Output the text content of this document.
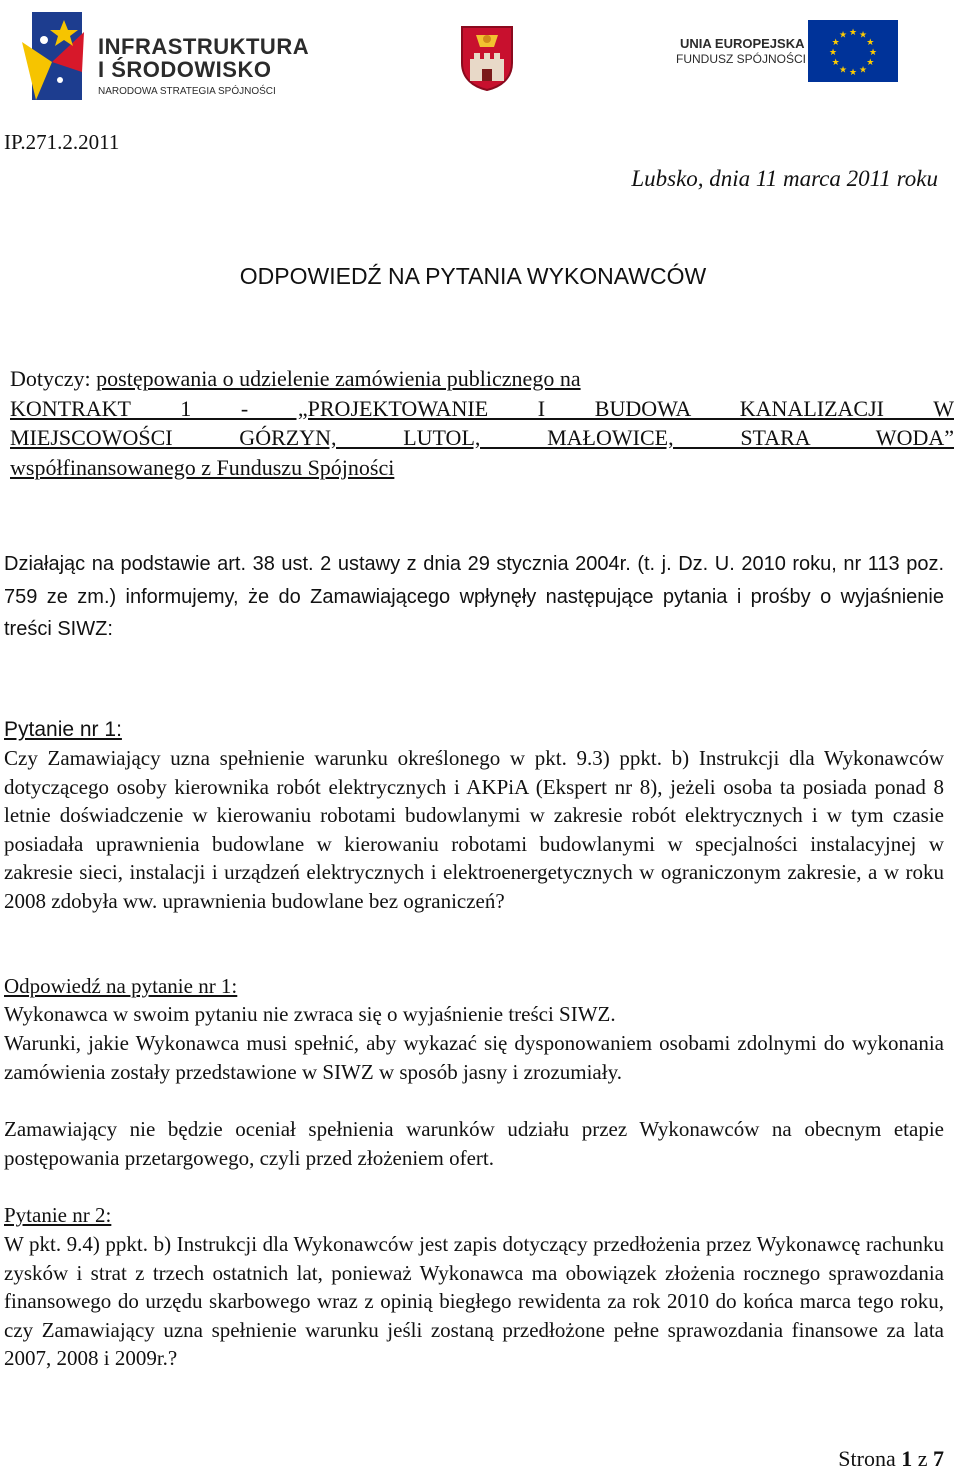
INFRASTRUKTURA
I ŚRODOWISKO
NARODOWA STRATEGIA SPÓJNOŚCI
UNIA EUROPEJSKA
FUNDUSZ SPÓJNOŚCI
★ ★
★
★
★
★
★
★
★
★
★
★
IP.271.2.2011
Lubsko, dnia 11 marca 2011 roku
ODPOWIEDŹ NA PYTANIA WYKONAWCÓW
Dotyczy: postępowania o udzielenie zamówienia publicznego na
KONTRAKT 1 - „PROJEKTOWANIE I BUDOWA KANALIZACJI W
MIEJSCOWOŚCI GÓRZYN, LUTOL, MAŁOWICE, STARA WODA”
współfinansowanego z Funduszu Spójności

Działając na podstawie art. 38 ust. 2 ustawy z dnia 29 stycznia 2004r. (t. j. Dz. U. 2010 roku, nr 113 poz. 759 ze zm.) informujemy, że do Zamawiającego wpłynęły następujące pytania i prośby o wyjaśnienie treści SIWZ:

Pytanie nr 1:

Czy Zamawiający uzna spełnienie warunku określonego w pkt. 9.3) ppkt. b) Instrukcji dla Wykonawców dotyczącego osoby kierownika robót elektrycznych i AKPiA (Ekspert nr 8), jeżeli osoba ta posiada ponad 8 letnie doświadczenie w kierowaniu robotami budowlanymi w zakresie robót elektrycznych i w tym czasie posiadała uprawnienia budowlane w kierowaniu robotami budowlanymi w specjalności instalacyjnej w zakresie sieci, instalacji i urządzeń elektrycznych i elektroenergetycznych w ograniczonym zakresie, a w roku 2008 zdobyła ww. uprawnienia budowlane bez ograniczeń?

Odpowiedź na pytanie nr 1:

Wykonawca w swoim pytaniu nie zwraca się o wyjaśnienie treści SIWZ.

Warunki, jakie Wykonawca musi spełnić, aby wykazać się dysponowaniem osobami zdolnymi do wykonania zamówienia zostały przedstawione w SIWZ w sposób jasny i zrozumiały.

Zamawiający nie będzie oceniał spełnienia warunków udziału przez Wykonawców na obecnym etapie postępowania przetargowego, czyli przed złożeniem ofert.

Pytanie nr 2:

W pkt. 9.4) ppkt. b) Instrukcji dla Wykonawców jest zapis dotyczący przedłożenia przez Wykonawcę rachunku zysków i strat z trzech ostatnich lat, ponieważ Wykonawca ma obowiązek złożenia rocznego sprawozdania finansowego do urzędu skarbowego wraz z opinią biegłego rewidenta za rok 2010 do końca marca tego roku, czy Zamawiający uzna spełnienie warunku jeśli zostaną przedłożone pełne sprawozdania finansowe za lata 2007, 2008 i 2009r.?

Strona 1 z 7
